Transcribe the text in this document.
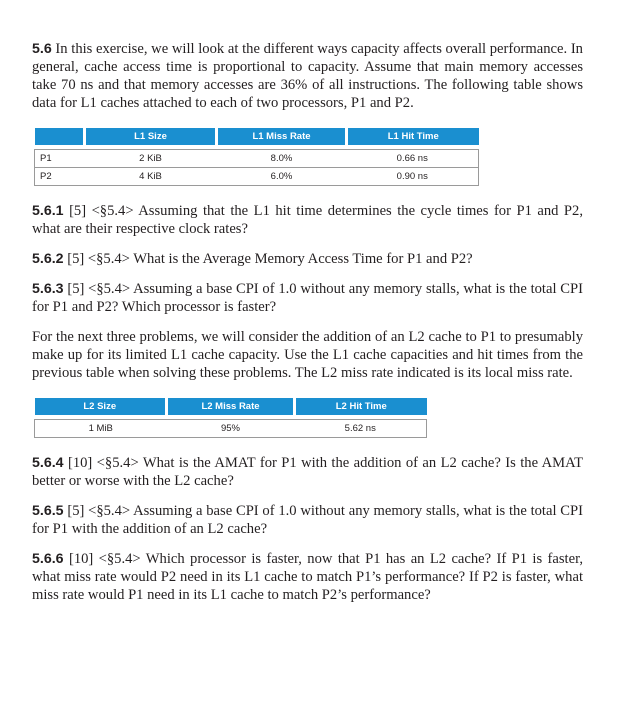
5.6 In this exercise, we will look at the different ways capacity affects overall performance. In general, cache access time is proportional to capacity. Assume that main memory accesses take 70 ns and that memory accesses are 36% of all instructions. The following table shows data for L1 caches attached to each of two processors, P1 and P2.

	L1 Size	L1 Miss Rate	L1 Hit Time

P1	2 KiB	8.0%	0.66 ns
P2	4 KiB	6.0%	0.90 ns

5.6.1 [5] <§5.4> Assuming that the L1 hit time determines the cycle times for P1 and P2, what are their respective clock rates?

5.6.2 [5] <§5.4> What is the Average Memory Access Time for P1 and P2?

5.6.3 [5] <§5.4> Assuming a base CPI of 1.0 without any memory stalls, what is the total CPI for P1 and P2? Which processor is faster?

For the next three problems, we will consider the addition of an L2 cache to P1 to presumably make up for its limited L1 cache capacity. Use the L1 cache capacities and hit times from the previous table when solving these problems. The L2 miss rate indicated is its local miss rate.

L2 Size	L2 Miss Rate	L2 Hit Time

1 MiB	95%	5.62 ns

5.6.4 [10] <§5.4> What is the AMAT for P1 with the addition of an L2 cache? Is the AMAT better or worse with the L2 cache?

5.6.5 [5] <§5.4> Assuming a base CPI of 1.0 without any memory stalls, what is the total CPI for P1 with the addition of an L2 cache?

5.6.6 [10] <§5.4> Which processor is faster, now that P1 has an L2 cache? If P1 is faster, what miss rate would P2 need in its L1 cache to match P1’s performance? If P2 is faster, what miss rate would P1 need in its L1 cache to match P2’s performance?
